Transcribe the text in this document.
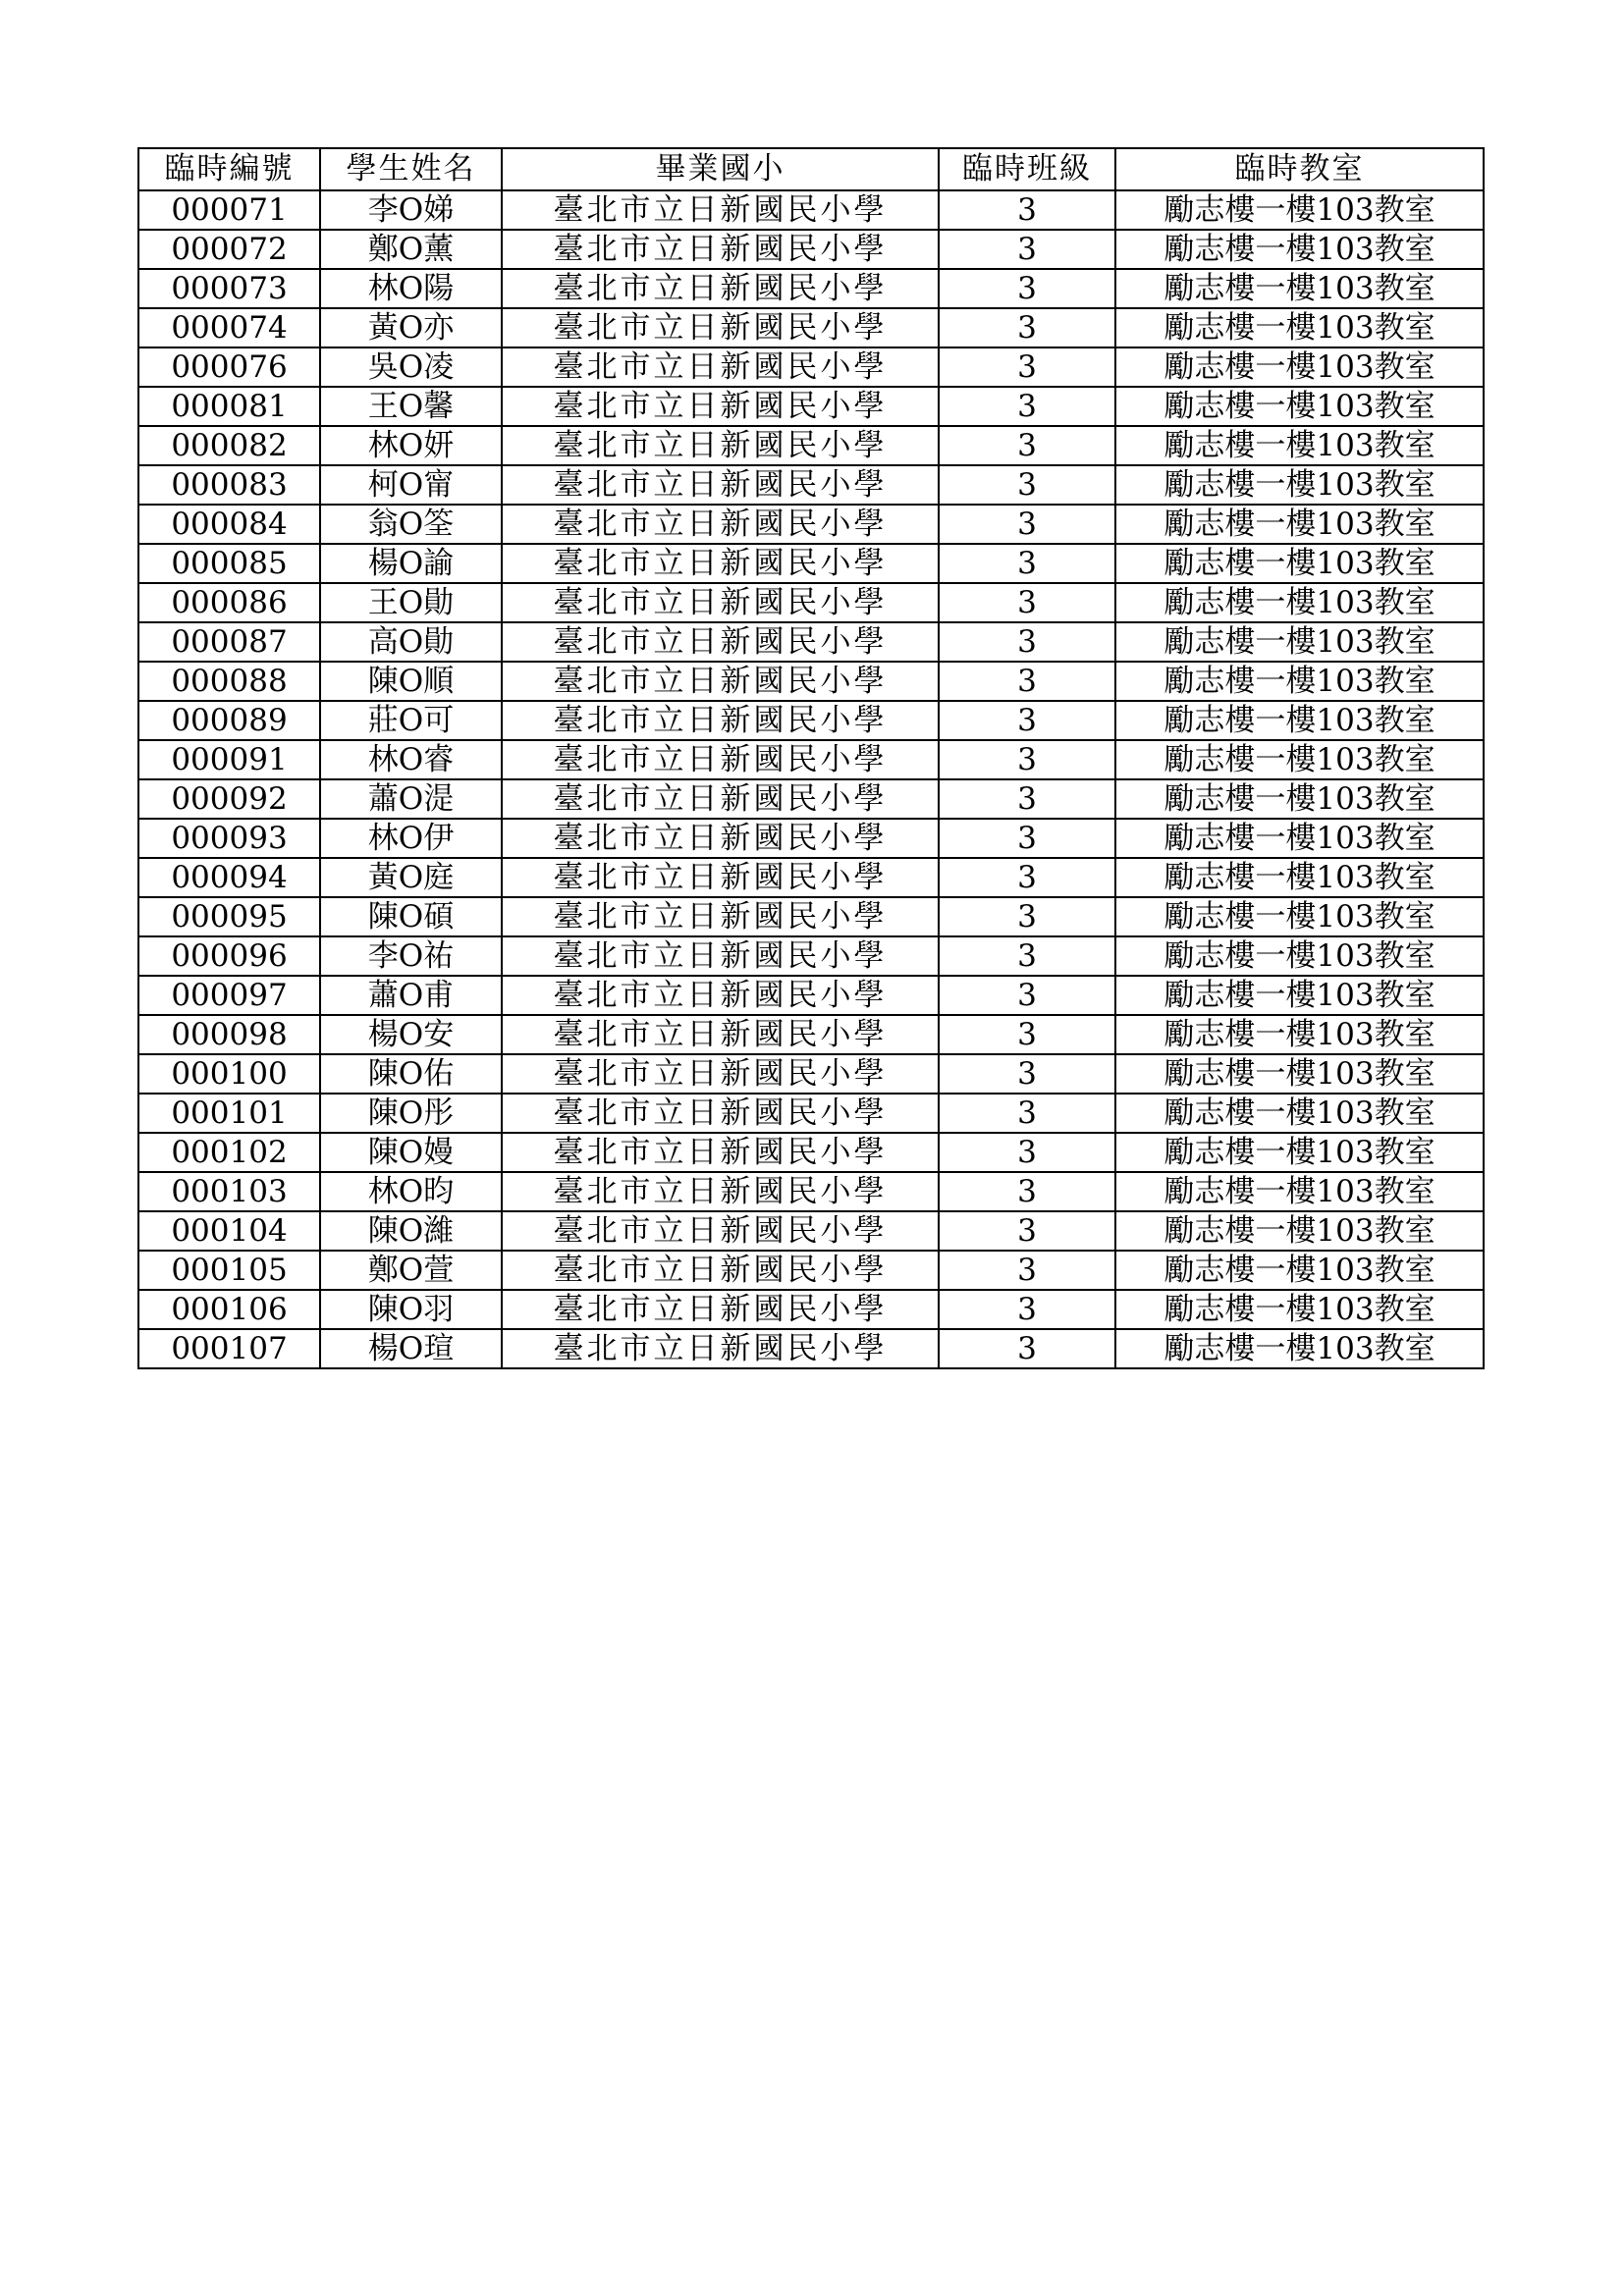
臨時編號	學生姓名	畢業國小	臨時班級	臨時教室
000071	李O娣	臺北市立日新國民小學	3	勵志樓一樓103教室
000072	鄭O薰	臺北市立日新國民小學	3	勵志樓一樓103教室
000073	林O陽	臺北市立日新國民小學	3	勵志樓一樓103教室
000074	黃O亦	臺北市立日新國民小學	3	勵志樓一樓103教室
000076	吳O凌	臺北市立日新國民小學	3	勵志樓一樓103教室
000081	王O馨	臺北市立日新國民小學	3	勵志樓一樓103教室
000082	林O妍	臺北市立日新國民小學	3	勵志樓一樓103教室
000083	柯O甯	臺北市立日新國民小學	3	勵志樓一樓103教室
000084	翁O筌	臺北市立日新國民小學	3	勵志樓一樓103教室
000085	楊O諭	臺北市立日新國民小學	3	勵志樓一樓103教室
000086	王O勛	臺北市立日新國民小學	3	勵志樓一樓103教室
000087	高O勛	臺北市立日新國民小學	3	勵志樓一樓103教室
000088	陳O順	臺北市立日新國民小學	3	勵志樓一樓103教室
000089	莊O可	臺北市立日新國民小學	3	勵志樓一樓103教室
000091	林O睿	臺北市立日新國民小學	3	勵志樓一樓103教室
000092	蕭O湜	臺北市立日新國民小學	3	勵志樓一樓103教室
000093	林O伊	臺北市立日新國民小學	3	勵志樓一樓103教室
000094	黃O庭	臺北市立日新國民小學	3	勵志樓一樓103教室
000095	陳O碩	臺北市立日新國民小學	3	勵志樓一樓103教室
000096	李O祐	臺北市立日新國民小學	3	勵志樓一樓103教室
000097	蕭O甫	臺北市立日新國民小學	3	勵志樓一樓103教室
000098	楊O安	臺北市立日新國民小學	3	勵志樓一樓103教室
000100	陳O佑	臺北市立日新國民小學	3	勵志樓一樓103教室
000101	陳O彤	臺北市立日新國民小學	3	勵志樓一樓103教室
000102	陳O嫚	臺北市立日新國民小學	3	勵志樓一樓103教室
000103	林O昀	臺北市立日新國民小學	3	勵志樓一樓103教室
000104	陳O濰	臺北市立日新國民小學	3	勵志樓一樓103教室
000105	鄭O萱	臺北市立日新國民小學	3	勵志樓一樓103教室
000106	陳O羽	臺北市立日新國民小學	3	勵志樓一樓103教室
000107	楊O瑄	臺北市立日新國民小學	3	勵志樓一樓103教室
